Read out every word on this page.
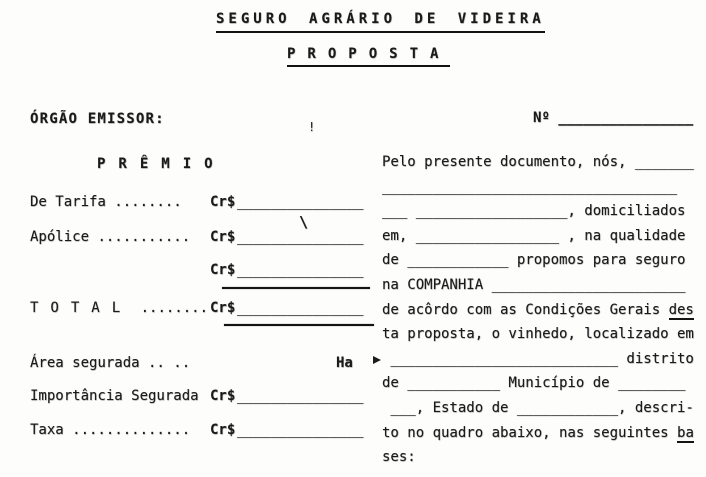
SEGURO AGRÁRIO DE VIDEIRA
PROPOSTA
ÓRGÃO EMISSOR:	Nº ________________
PRÊMIO
De Tarifa ........ Cr$ _______________
Apólice ........... Cr$ _______________
Cr$ _______________
TOTAL ........ Cr$ _______________
Área segurada .. ..	Ha
Importância Segurada Cr$ _______________
Taxa .............. Cr$ _______________
Pelo presente documento, nós, _______
___________________________________
___ __________________, domiciliados
em, _________________ , na qualidade
de ____________ propomos para seguro
na COMPANHIA _______________________
de acôrdo com as Condições Gerais des
ta proposta, o vinhedo, localizado em
___________________________ distrito
de ___________ Município de ________
___, Estado de ____________, descri-
to no quadro abaixo, nas seguintes ba
ses:
\
!
